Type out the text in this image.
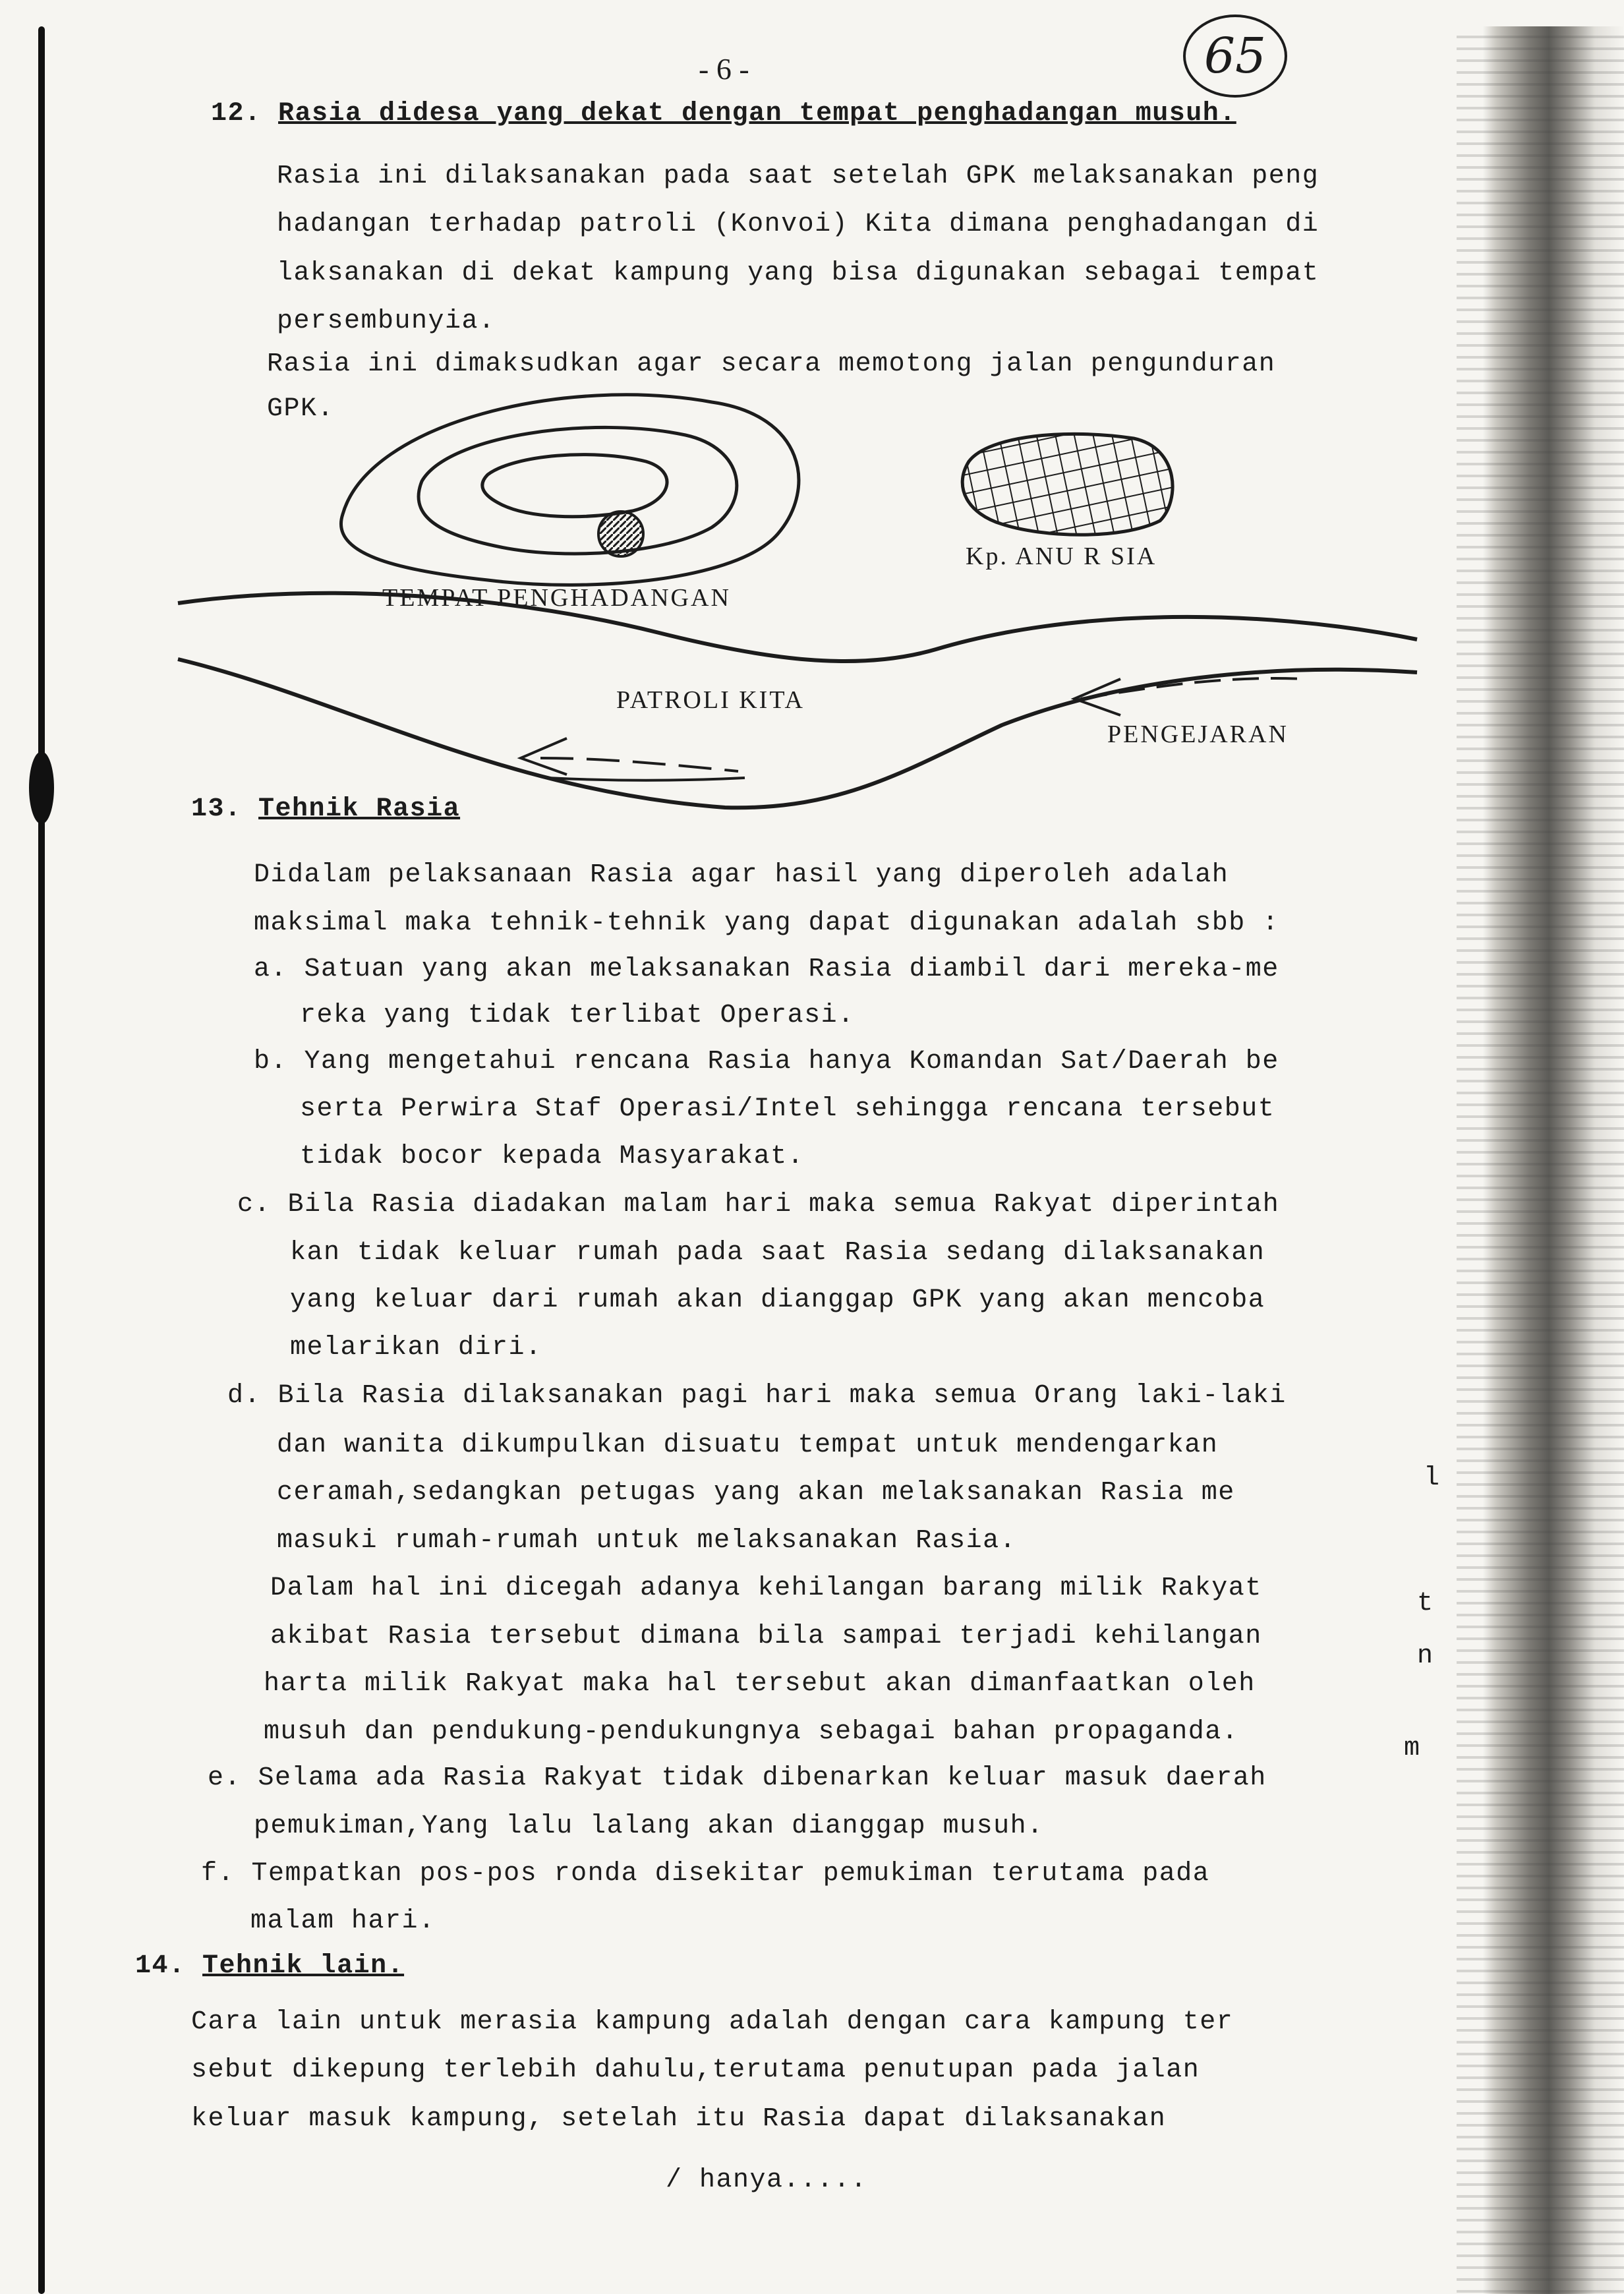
- 6 -	65
12. Rasia didesa yang dekat dengan tempat penghadangan musuh.
Rasia ini dilaksanakan pada saat setelah GPK melaksanakan peng
hadangan terhadap patroli (Konvoi) Kita dimana penghadangan di
laksanakan di dekat kampung yang bisa digunakan sebagai tempat
persembunyia.
Rasia ini dimaksudkan agar secara memotong jalan pengunduran
GPK.
TEMPAT PENGHADANGAN
Kp. ANU R SIA
PATROLI KITA
PENGEJARAN
13. Tehnik Rasia
Didalam pelaksanaan Rasia agar hasil yang diperoleh adalah
maksimal maka tehnik-tehnik yang dapat digunakan adalah sbb :
a. Satuan yang akan melaksanakan Rasia diambil dari mereka-me
reka yang tidak terlibat Operasi.
b. Yang mengetahui rencana Rasia hanya Komandan Sat/Daerah be
serta Perwira Staf Operasi/Intel sehingga rencana tersebut
tidak bocor kepada Masyarakat.
c. Bila Rasia diadakan malam hari maka semua Rakyat diperintah
kan tidak keluar rumah pada saat Rasia sedang dilaksanakan
yang keluar dari rumah akan dianggap GPK yang akan mencoba
melarikan diri.
d. Bila Rasia dilaksanakan pagi hari maka semua Orang laki-laki
dan wanita dikumpulkan disuatu tempat untuk mendengarkan
ceramah,sedangkan petugas yang akan melaksanakan Rasia me
masuki rumah-rumah untuk melaksanakan Rasia.
Dalam hal ini dicegah adanya kehilangan barang milik Rakyat
akibat Rasia tersebut dimana bila sampai terjadi kehilangan
harta milik Rakyat maka hal tersebut akan dimanfaatkan oleh
musuh dan pendukung-pendukungnya sebagai bahan propaganda.
e. Selama ada Rasia Rakyat tidak dibenarkan keluar masuk daerah
pemukiman,Yang lalu lalang akan dianggap musuh.
f. Tempatkan pos-pos ronda disekitar pemukiman terutama pada
malam hari.
14. Tehnik lain.
Cara lain untuk merasia kampung adalah dengan cara kampung ter
sebut dikepung terlebih dahulu,terutama penutupan pada jalan
keluar masuk kampung, setelah itu Rasia dapat dilaksanakan
/ hanya.....
l
t
n
m
